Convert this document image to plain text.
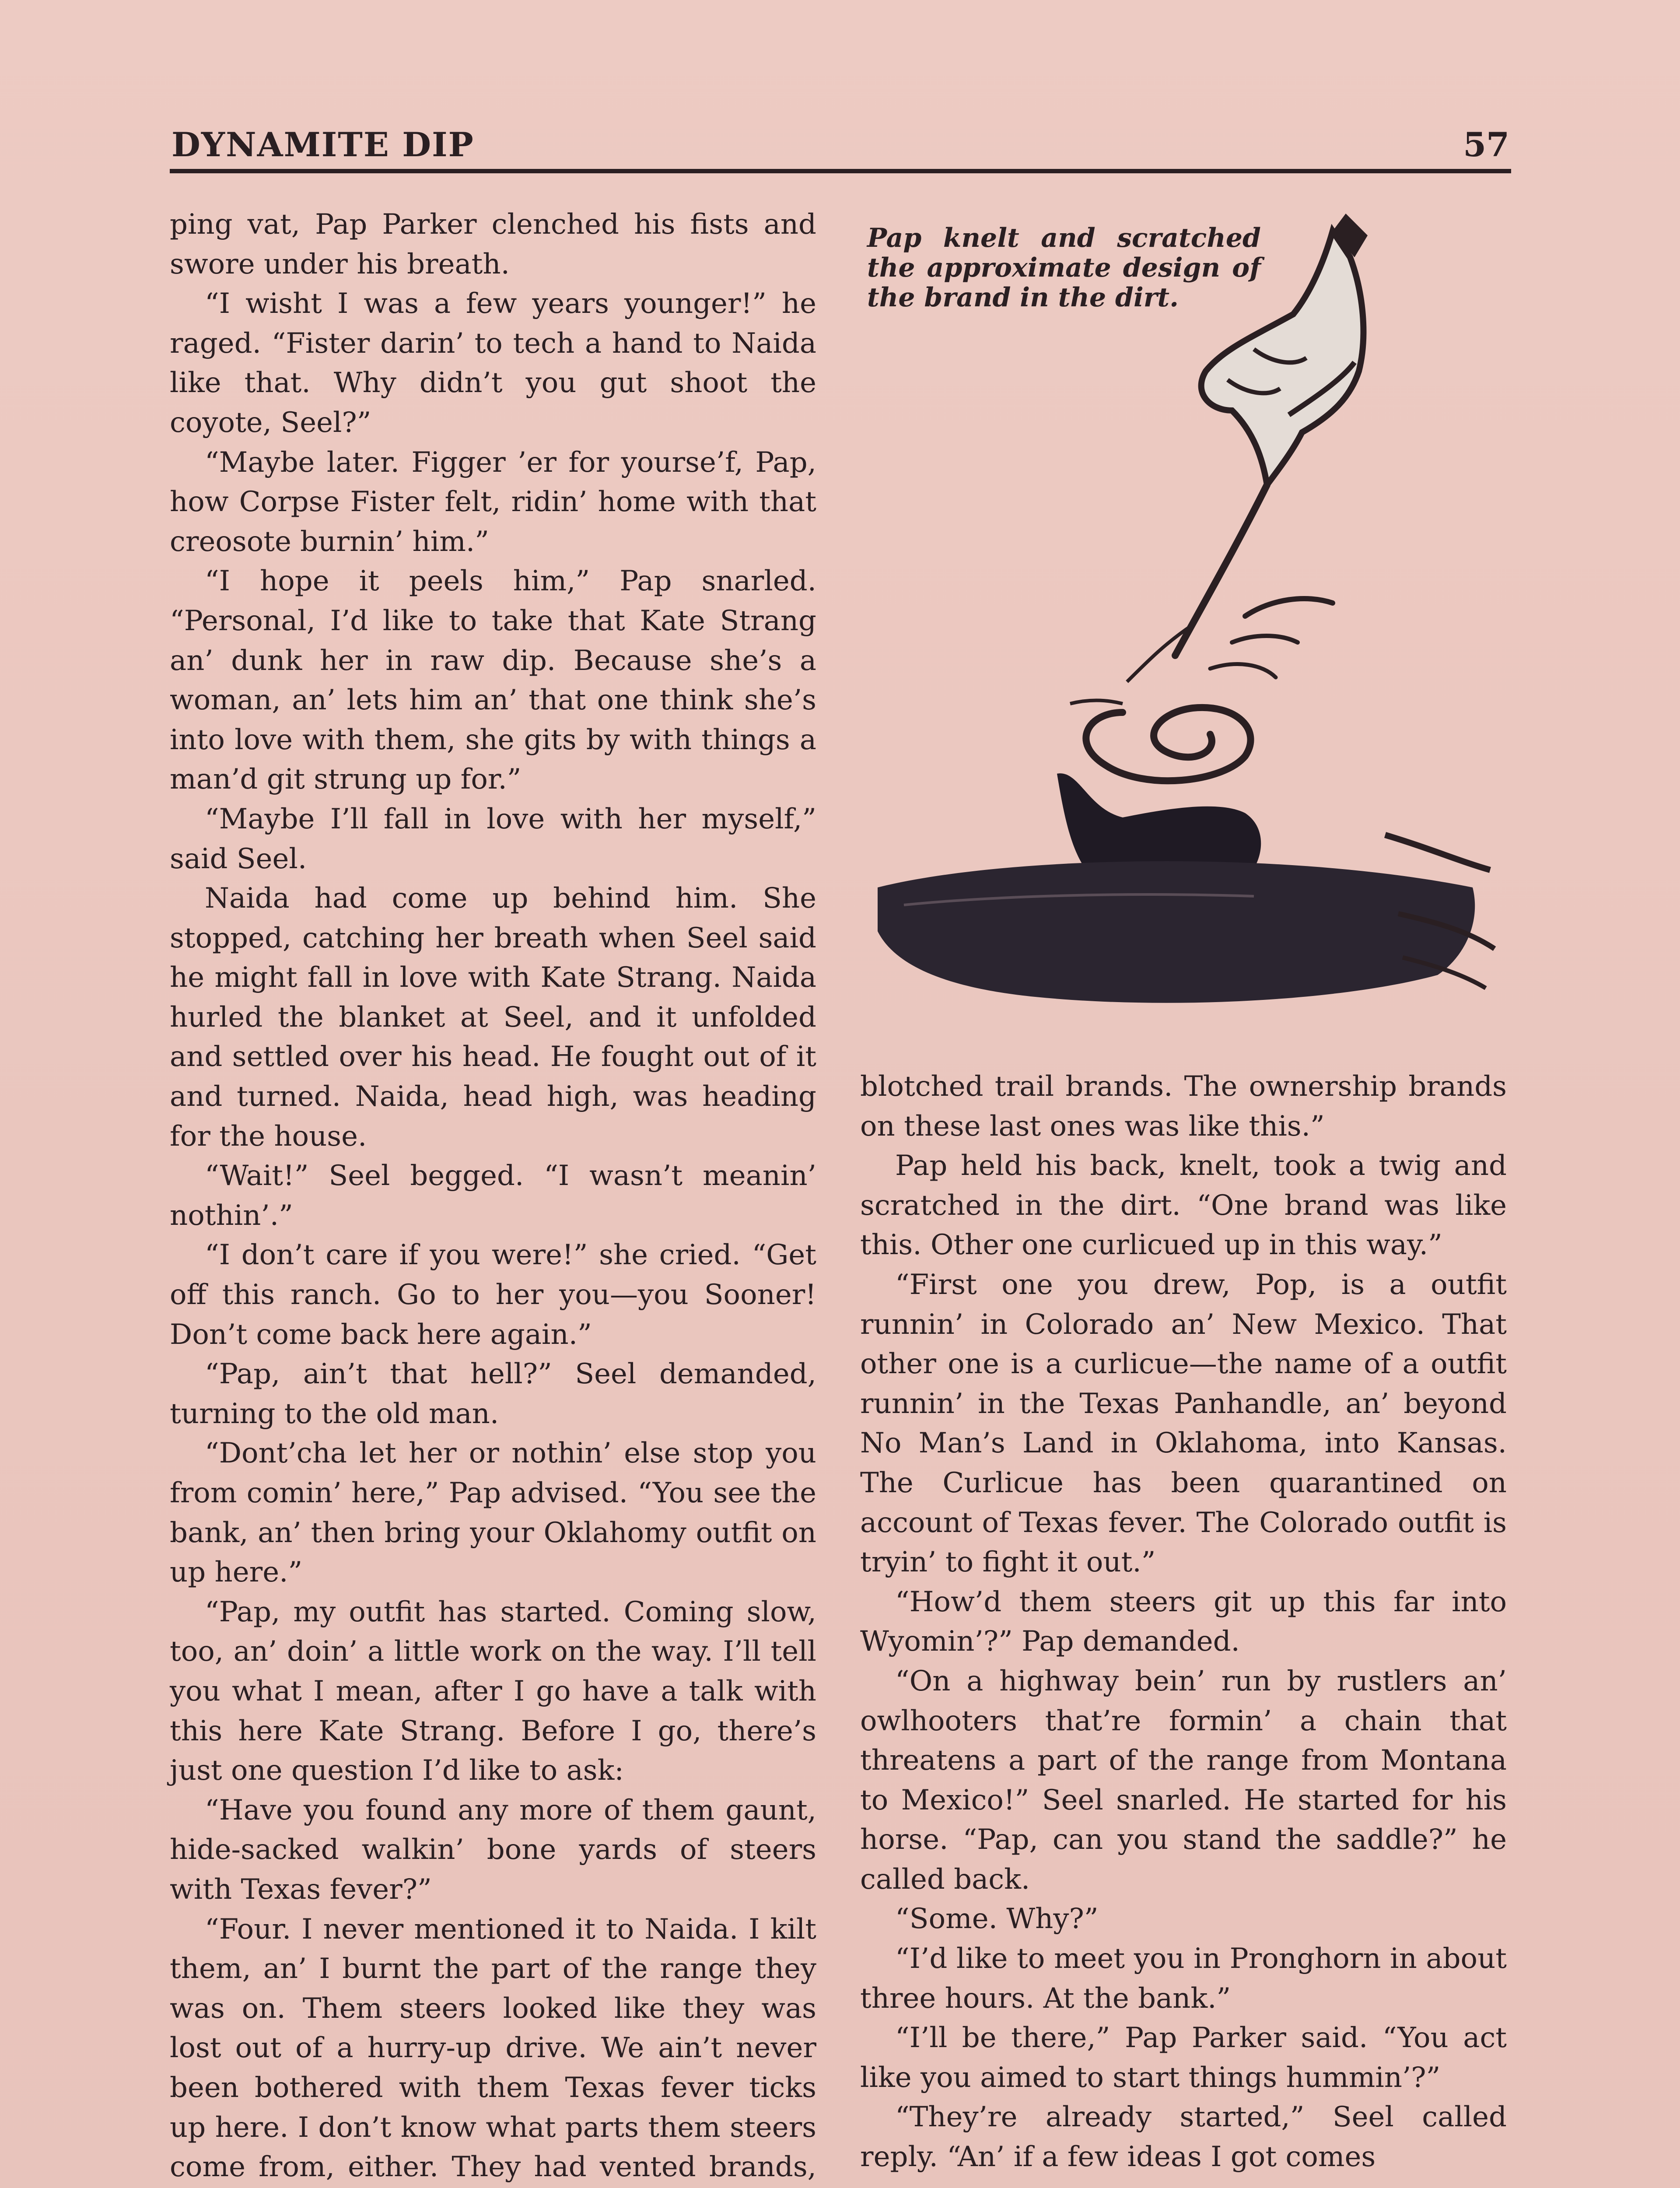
DYNAMITE DIP	57

ping vat, Pap Parker clenched his fists and swore under his breath.

“I wisht I was a few years younger!” he raged. “Fister darin’ to tech a hand to Naida like that. Why didn’t you gut shoot the coyote, Seel?”

“Maybe later. Figger ’er for yourse’f, Pap, how Corpse Fister felt, ridin’ home with that creosote burnin’ him.”

“I hope it peels him,” Pap snarled. “Personal, I’d like to take that Kate Strang an’ dunk her in raw dip. Because she’s a woman, an’ lets him an’ that one think she’s into love with them, she gits by with things a man’d git strung up for.”

“Maybe I’ll fall in love with her myself,” said Seel.

Naida had come up behind him. She stopped, catching her breath when Seel said he might fall in love with Kate Strang. Naida hurled the blanket at Seel, and it unfolded and settled over his head. He fought out of it and turned. Naida, head high, was heading for the house.

“Wait!” Seel begged. “I wasn’t meanin’ nothin’.”

“I don’t care if you were!” she cried. “Get off this ranch. Go to her you—you Sooner! Don’t come back here again.”

“Pap, ain’t that hell?” Seel demanded, turning to the old man.

“Dont’cha let her or nothin’ else stop you from comin’ here,” Pap advised. “You see the bank, an’ then bring your Oklahomy outfit on up here.”

“Pap, my outfit has started. Coming slow, too, an’ doin’ a little work on the way. I’ll tell you what I mean, after I go have a talk with this here Kate Strang. Before I go, there’s just one question I’d like to ask:

“Have you found any more of them gaunt, hide-sacked walkin’ bone yards of steers with Texas fever?”

“Four. I never mentioned it to Naida. I kilt them, an’ I burnt the part of the range they was on. Them steers looked like they was lost out of a hurry-up drive. We ain’t never been bothered with them Texas fever ticks up here. I don’t know what parts them steers come from, either. They had vented brands,

Pap knelt and scratched the approximate design of the brand in the dirt.

blotched trail brands. The ownership brands on these last ones was like this.”

Pap held his back, knelt, took a twig and scratched in the dirt. “One brand was like this. Other one curlicued up in this way.”

“First one you drew, Pop, is a outfit runnin’ in Colorado an’ New Mexico. That other one is a curlicue—the name of a outfit runnin’ in the Texas Panhandle, an’ beyond No Man’s Land in Oklahoma, into Kansas. The Curlicue has been quarantined on account of Texas fever. The Colorado outfit is tryin’ to fight it out.”

“How’d them steers git up this far into Wyomin’?” Pap demanded.

“On a highway bein’ run by rustlers an’ owlhooters that’re formin’ a chain that threatens a part of the range from Montana to Mexico!” Seel snarled. He started for his horse. “Pap, can you stand the saddle?” he called back.

“Some. Why?”

“I’d like to meet you in Pronghorn in about three hours. At the bank.”

“I’ll be there,” Pap Parker said. “You act like you aimed to start things hummin’?”

“They’re already started,” Seel called reply. “An’ if a few ideas I got comes
